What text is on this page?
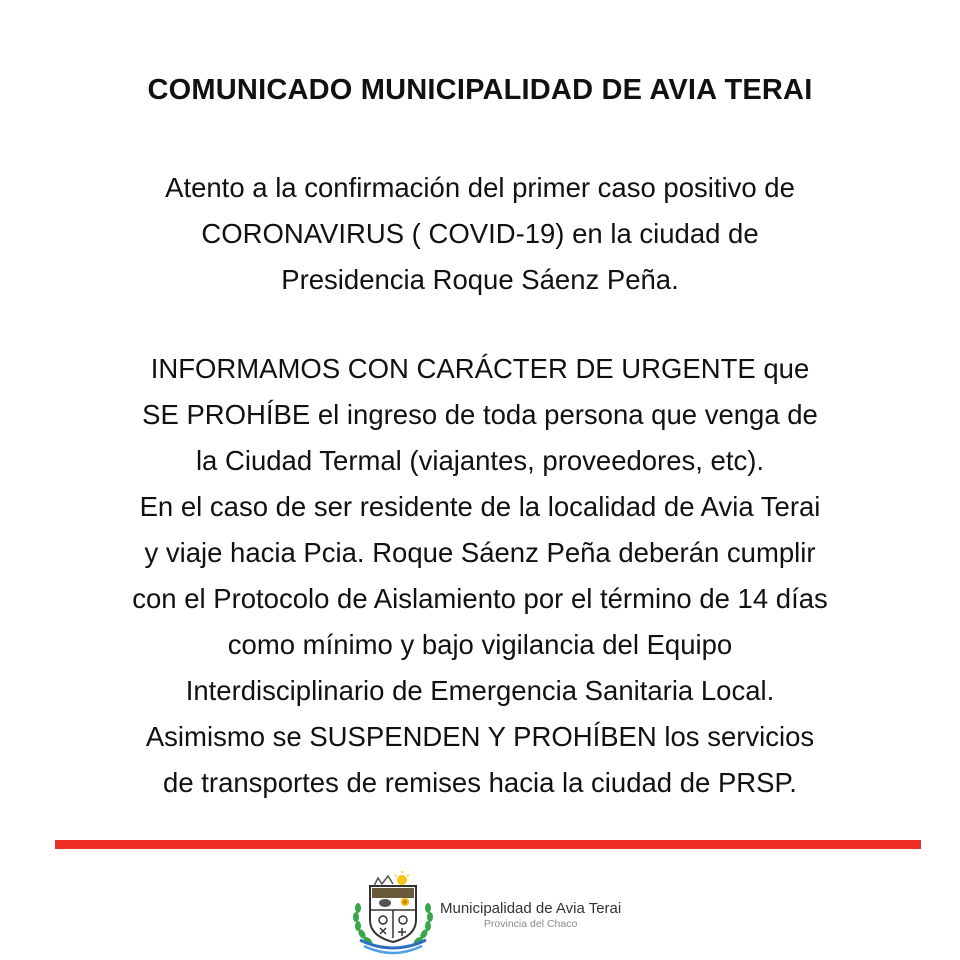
COMUNICADO MUNICIPALIDAD DE AVIA TERAI
Atento a la confirmación del primer caso positivo de
CORONAVIRUS ( COVID-19) en la ciudad de
Presidencia Roque Sáenz Peña.
INFORMAMOS CON CARÁCTER DE URGENTE que
SE PROHÍBE el ingreso de toda persona que venga de
la Ciudad Termal (viajantes, proveedores, etc).
En el caso de ser residente de la localidad de Avia Terai
y viaje hacia Pcia. Roque Sáenz Peña deberán cumplir
con el Protocolo de Aislamiento por el término de 14 días
como mínimo y bajo vigilancia del Equipo
Interdisciplinario de Emergencia Sanitaria Local.
Asimismo se SUSPENDEN Y PROHÍBEN los servicios
de transportes de remises hacia la ciudad de PRSP.
Municipalidad de Avia Terai
Provincia del Chaco
